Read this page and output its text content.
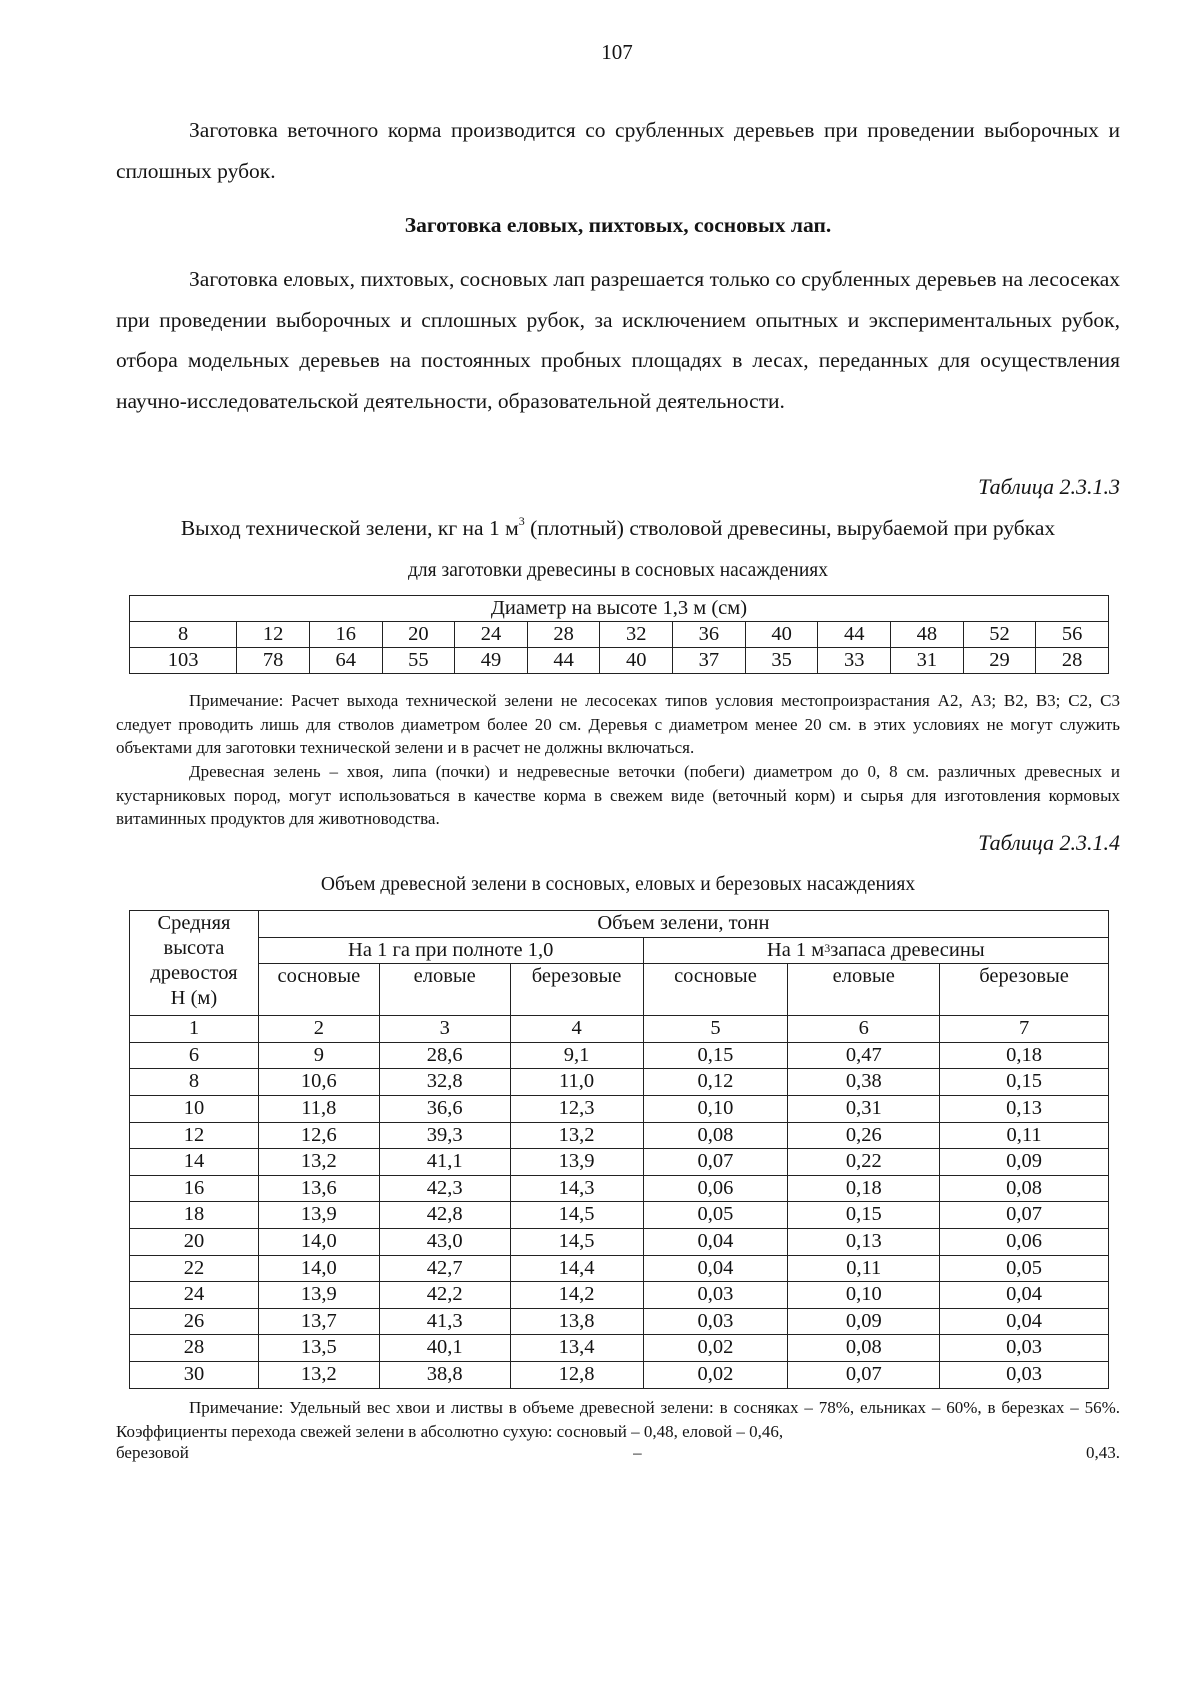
107
Заготовка веточного корма производится со срубленных деревьев при проведении выборочных и сплошных рубок.
Заготовка еловых, пихтовых, сосновых лап.
Заготовка еловых, пихтовых, сосновых лап разрешается только со срубленных деревьев на лесосеках при проведении выборочных и сплошных рубок, за исключением опытных и экспериментальных рубок, отбора модельных деревьев на постоянных пробных площадях в лесах, переданных для осуществления научно-исследовательской деятельности, образовательной деятельности.
Таблица 2.3.1.3
Выход технической зелени, кг на 1 $м^3$ (плотный) стволовой древесины, вырубаемой при рубках
для заготовки древесины в сосновых насаждениях
Диаметр на высоте 1,3 м (см)												
8	12	16	20	24	28	32	36	40	44	48	52	56
103	78	64	55	49	44	40	37	35	33	31	29	28
Примечание: Расчет выхода технической зелени не лесосеках типов условия местопроизрастания А2, А3; В2, В3; С2, С3 следует проводить лишь для стволов диаметром более 20 см. Деревья с диаметром менее 20 см. в этих условиях не могут служить объектами для заготовки технической зелени и в расчет не должны включаться.
Древесная зелень – хвоя, липа (почки) и недревесные веточки (побеги) диаметром до 0, 8 см. различных древесных и кустарниковых пород, могут использоваться в качестве корма в свежем виде (веточный корм) и сырья для изготовления кормовых витаминных продуктов для животноводства.
Таблица 2.3.1.4
Объем древесной зелени в сосновых, еловых и березовых насаждениях
Средняя
высота
древостоя
Н (м)	Объем зелени, тонн					
	На 1 га при полноте 1,0			На 1 $м^3запаса$ древесины		
	сосновые	еловые	березовые	сосновые	еловые	березовые
1	2	3	4	5	6	7
6	9	28,6	9,1	0,15	0,47	0,18
8	10,6	32,8	11,0	0,12	0,38	0,15
10	11,8	36,6	12,3	0,10	0,31	0,13
12	12,6	39,3	13,2	0,08	0,26	0,11
14	13,2	41,1	13,9	0,07	0,22	0,09
16	13,6	42,3	14,3	0,06	0,18	0,08
18	13,9	42,8	14,5	0,05	0,15	0,07
20	14,0	43,0	14,5	0,04	0,13	0,06
22	14,0	42,7	14,4	0,04	0,11	0,05
24	13,9	42,2	14,2	0,03	0,10	0,04
26	13,7	41,3	13,8	0,03	0,09	0,04
28	13,5	40,1	13,4	0,02	0,08	0,03
30	13,2	38,8	12,8	0,02	0,07	0,03
Примечание: Удельный вес хвои и листвы в объеме древесной зелени: в сосняках – 78%, ельниках – 60%, в березках – 56%. Коэффициенты перехода свежей зелени в абсолютно сухую: сосновый – 0,48, еловой – 0,46,
березовой	–	0,43.
